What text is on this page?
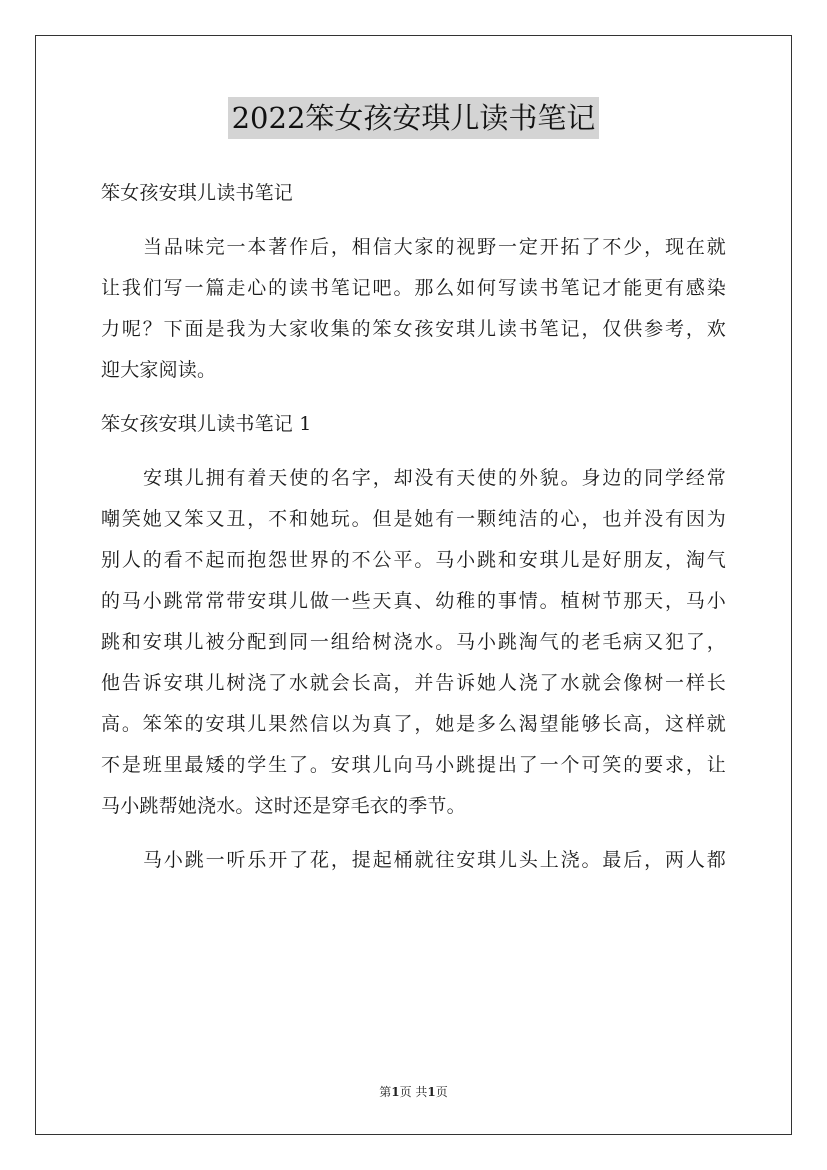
2022笨女孩安琪儿读书笔记
笨女孩安琪儿读书笔记
当品味完一本著作后，相信大家的视野一定开拓了不少，现在就
让我们写一篇走心的读书笔记吧。那么如何写读书笔记才能更有感染
力呢？下面是我为大家收集的笨女孩安琪儿读书笔记，仅供参考，欢
迎大家阅读。
笨女孩安琪儿读书笔记 1
安琪儿拥有着天使的名字，却没有天使的外貌。身边的同学经常
嘲笑她又笨又丑，不和她玩。但是她有一颗纯洁的心，也并没有因为
别人的看不起而抱怨世界的不公平。马小跳和安琪儿是好朋友，淘气
的马小跳常常带安琪儿做一些天真、幼稚的事情。植树节那天，马小
跳和安琪儿被分配到同一组给树浇水。马小跳淘气的老毛病又犯了，
他告诉安琪儿树浇了水就会长高，并告诉她人浇了水就会像树一样长
高。笨笨的安琪儿果然信以为真了，她是多么渴望能够长高，这样就
不是班里最矮的学生了。安琪儿向马小跳提出了一个可笑的要求，让
马小跳帮她浇水。这时还是穿毛衣的季节。
马小跳一听乐开了花，提起桶就往安琪儿头上浇。最后，两人都
第1页 共1页
